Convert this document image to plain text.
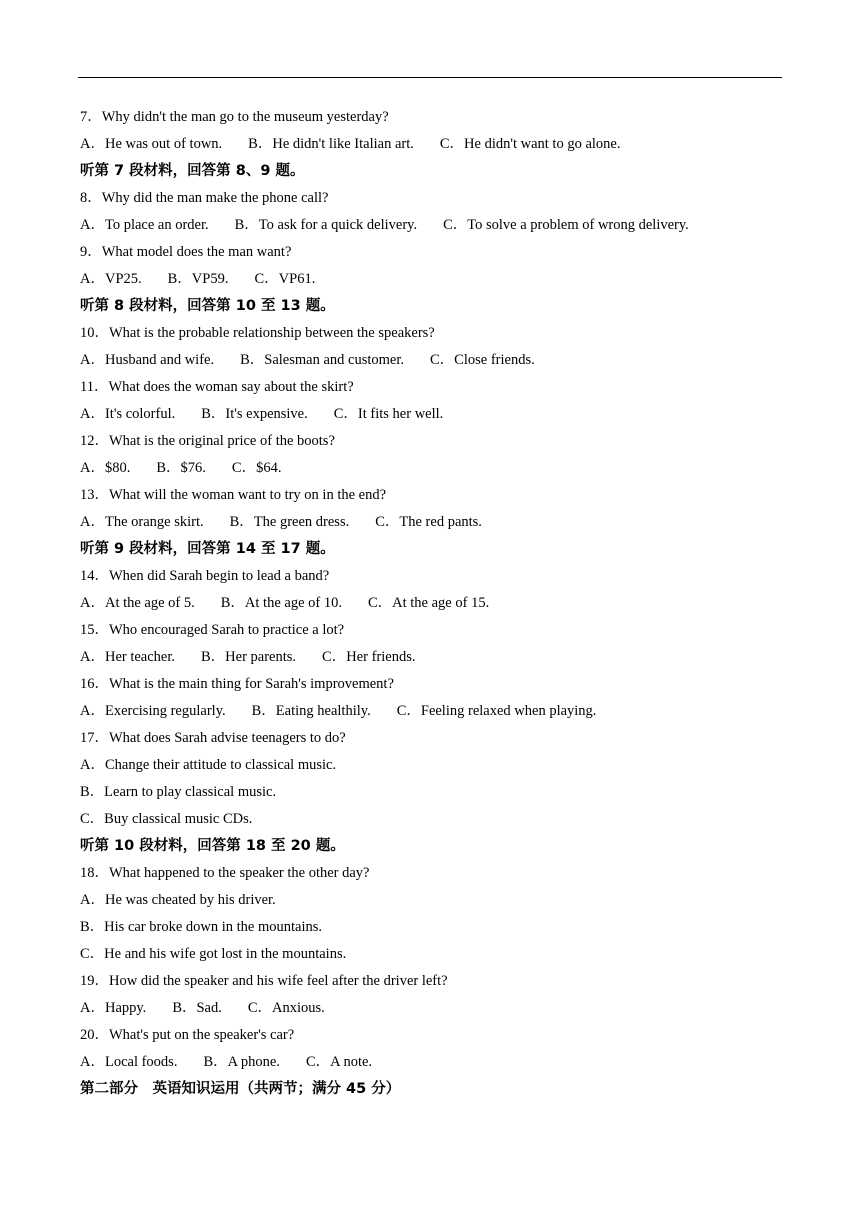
7．Why didn't the man go to the museum yesterday?
A．He was out of town. B．He didn't like Italian art. C．He didn't want to go alone.
听第 7 段材料，回答第 8、9 题。
8．Why did the man make the phone call?
A．To place an order. B．To ask for a quick delivery. C．To solve a problem of wrong delivery.
9．What model does the man want?
A．VP25. B．VP59. C．VP61.
听第 8 段材料，回答第 10 至 13 题。
10．What is the probable relationship between the speakers?
A．Husband and wife. B．Salesman and customer. C．Close friends.
11．What does the woman say about the skirt?
A．It's colorful. B．It's expensive. C．It fits her well.
12．What is the original price of the boots?
A．$80. B．$76. C．$64.
13．What will the woman want to try on in the end?
A．The orange skirt. B．The green dress. C．The red pants.
听第 9 段材料，回答第 14 至 17 题。
14．When did Sarah begin to lead a band?
A．At the age of 5. B．At the age of 10. C．At the age of 15.
15．Who encouraged Sarah to practice a lot?
A．Her teacher. B．Her parents. C．Her friends.
16．What is the main thing for Sarah's improvement?
A．Exercising regularly. B．Eating healthily. C．Feeling relaxed when playing.
17．What does Sarah advise teenagers to do?
A．Change their attitude to classical music.
B．Learn to play classical music.
C．Buy classical music CDs.
听第 10 段材料，回答第 18 至 20 题。
18．What happened to the speaker the other day?
A．He was cheated by his driver.
B．His car broke down in the mountains.
C．He and his wife got lost in the mountains.
19．How did the speaker and his wife feel after the driver left?
A．Happy. B．Sad. C．Anxious.
20．What's put on the speaker's car?
A．Local foods. B．A phone. C．A note.
第二部分　英语知识运用（共两节；满分 45 分）
